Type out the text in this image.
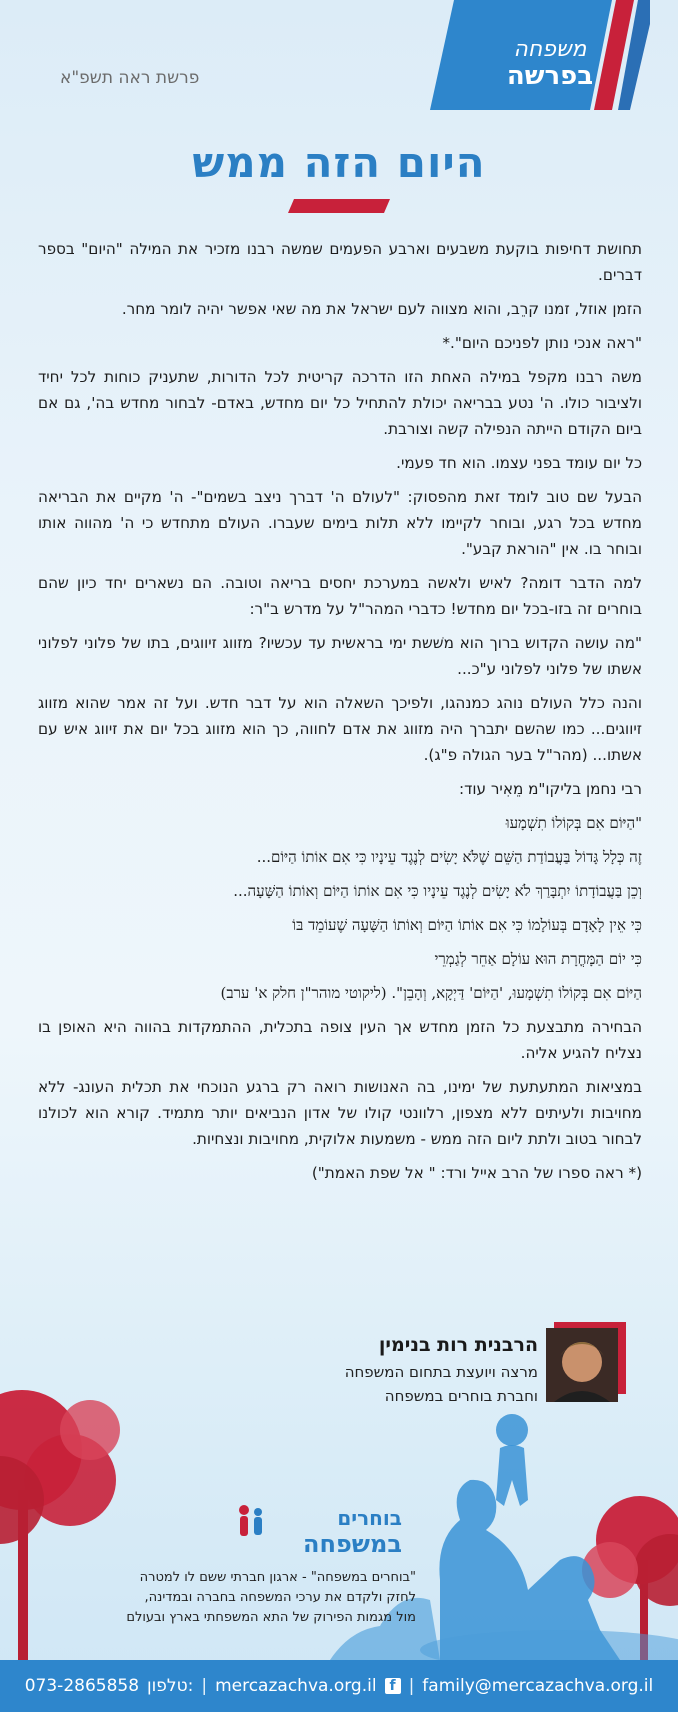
משפחה
בפרשה
פרשת ראה תשפ"א
היום הזה ממש

תחושת דחיפות בוקעת משבעים וארבע הפעמים שמשה רבנו מזכיר את המילה "היום" בספר דברים.

הזמן אוזל, זמנו קרֵב, והוא מצווה לעם ישראל את מה שאי אפשר יהיה לומר מחר.

"ראה אנכי נותן לפניכם היום".*

משה רבנו מקפל במילה האחת הזו הדרכה קריטית לכל הדורות, שתעניק כוחות לכל יחיד ולציבור כולו. ה' נטע בבריאה יכולת להתחיל כל יום מחדש, באדם- לבחור מחדש בה', גם אם ביום הקודם הייתה הנפילה קשה וצורבת.

כל יום עומד בפני עצמו. הוא חד פעמי.

הבעל שם טוב לומד זאת מהפסוק: "לעולם ה' דברך ניצב בשמים"- ה' מקיים את הבריאה מחדש בכל רגע, ובוחר לקיימו ללא תלות בימים שעברו. העולם מתחדש כי ה' מהווה אותו ובוחר בו. אין "הוראת קבע".

למה הדבר דומה? לאיש ולאשה במערכת יחסים בריאה וטובה. הם נשארים יחד כיון שהם בוחרים זה בזו-בכל יום מחדש! כדברי המהר"ל על מדרש ב"ר:

"מה עושה הקדוש ברוך הוא משׁשת ימי בראשית עד עכשיו? מזווג זיווגים, בתו של פלוני לפלוני אשתו של פלוני לפלוני ע"כ...

והנה כלל העולם נוהג כמנהגו, ולפיכך השאלה הוא על דבר חדש. ועל זה אמר שהוא מזווג זיווגים... כמו שהשם יתברך היה מזווג את אדם לחווה, כך הוא מזווג בכל יום את זיווג איש עם אשתו... (מהר"ל בער הגולה פ"ג).

רבי נחמן בליקו"מ מֵאִיר עוד:

"הַיּוֹם אִם בְּקוֹלוֹ תִשְׁמָעוּ

זֶה כְּלָל גָּדוֹל בַּעֲבוֹדַת הַשֵּׁם שֶׁלֹּא יָשִׂים לְנֶגֶד עֵינָיו כִּי אִם אוֹתוֹ הַיּוֹם...

וְכֵן בַּעֲבוֹדָתוֹ יִתְבָּרַךְ לֹא יָשִׂים לְנֶגֶד עֵינָיו כִּי אִם אוֹתוֹ הַיּוֹם וְאוֹתוֹ הַשָּׁעָה...

כִּי אֵין לָאָדָם בְּעוֹלָמוֹ כִּי אִם אוֹתוֹ הַיּוֹם וְאוֹתוֹ הַשָּׁעָה שֶׁעוֹמֵד בּוֹ

כִּי יוֹם הַמָּחֳרָת הוּא עוֹלָם אַחֵר לְגַמְרֵי

הַיּוֹם אִם בְּקוֹלוֹ תִשְׁמָעוּ, 'הַיּוֹם' דַּיְקָא, וְהָבֵן". (ליקוטי מוהר"ן חלק א' ערב)

הבחירה מתבצעת כל הזמן מחדש אך העין צופה בתכלית, ההתמקדות בהווה היא האופן בו נצליח להגיע אליה.

במציאות המתעתעת של ימינו, בה האנושות רואה רק ברגע הנוכחי את תכלית העונג- ללא מחויבות ולעיתים ללא מצפון, רלוונטי קולו של אדון הנביאים יותר מתמיד. קורא הוא לכולנו לבחור בטוב ולתת ליום הזה ממש - משמעות אלוקית, מחויבות ונצחיות.

(* ראה ספרו של הרב אייל ורד: " אל שפת האמת")

הרבנית רות בנימין
מרצה ויועצת בתחום המשפחה
וחברת בוחרים במשפחה
בוחרים
במשפחה
"בוחרים במשפחה" - ארגון חברתי ששם לו למטרה
לחזק ולקדם את ערכי המשפחה בחברה ובמדינה,
מול מגמות הפירוק של התא המשפחתי בארץ ובעולם
073-2865858 טלפון: | mercazachva.org.il f | family@mercazachva.org.il
